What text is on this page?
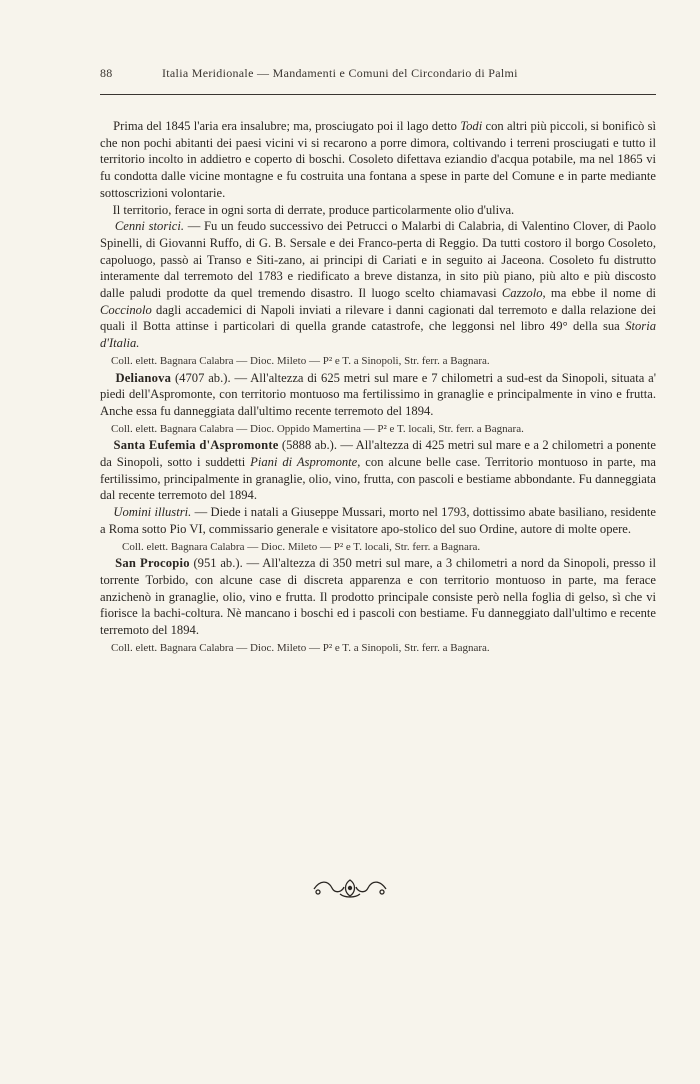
88	Italia Meridionale — Mandamenti e Comuni del Circondario di Palmi

Prima del 1845 l'aria era insalubre; ma, prosciugato poi il lago detto Todi con altri più piccoli, si bonificò sì che non pochi abitanti dei paesi vicini vi si recarono a porre dimora, coltivando i terreni prosciugati e tutto il territorio incolto in addietro e coperto di boschi. Cosoleto difettava eziandio d'acqua potabile, ma nel 1865 vi fu condotta dalle vicine montagne e fu costruita una fontana a spese in parte del Comune e in parte mediante sottoscrizioni volontarie.

Il territorio, ferace in ogni sorta di derrate, produce particolarmente olio d'uliva.

Cenni storici. — Fu un feudo successivo dei Petrucci o Malarbi di Calabria, di Valentino Clover, di Paolo Spinelli, di Giovanni Ruffo, di G. B. Sersale e dei Franco-perta di Reggio. Da tutti costoro il borgo Cosoleto, capoluogo, passò ai Transo e Siti-zano, ai principi di Cariati e in seguito ai Jaceona. Cosoleto fu distrutto interamente dal terremoto del 1783 e riedificato a breve distanza, in sito più piano, più alto e più discosto dalle paludi prodotte da quel tremendo disastro. Il luogo scelto chiamavasi Cazzolo, ma ebbe il nome di Coccinolo dagli accademici di Napoli inviati a rilevare i danni cagionati dal terremoto e dalla relazione dei quali il Botta attinse i particolari di quella grande catastrofe, che leggonsi nel libro 49° della sua Storia d'Italia.

Coll. elett. Bagnara Calabra — Dioc. Mileto — P² e T. a Sinopoli, Str. ferr. a Bagnara.

Delianova (4707 ab.). — All'altezza di 625 metri sul mare e 7 chilometri a sud-est da Sinopoli, situata a' piedi dell'Aspromonte, con territorio montuoso ma fertilissimo in granaglie e principalmente in vino e frutta. Anche essa fu danneggiata dall'ultimo recente terremoto del 1894.

Coll. elett. Bagnara Calabra — Dioc. Oppido Mamertina — P² e T. locali, Str. ferr. a Bagnara.

Santa Eufemia d'Aspromonte (5888 ab.). — All'altezza di 425 metri sul mare e a 2 chilometri a ponente da Sinopoli, sotto i suddetti Piani di Aspromonte, con alcune belle case. Territorio montuoso in parte, ma fertilissimo, principalmente in granaglie, olio, vino, frutta, con pascoli e bestiame abbondante. Fu danneggiata dal recente terremoto del 1894.

Uomini illustri. — Diede i natali a Giuseppe Mussari, morto nel 1793, dottissimo abate basiliano, residente a Roma sotto Pio VI, commissario generale e visitatore apo-stolico del suo Ordine, autore di molte opere.

Coll. elett. Bagnara Calabra — Dioc. Mileto — P² e T. locali, Str. ferr. a Bagnara.

San Procopio (951 ab.). — All'altezza di 350 metri sul mare, a 3 chilometri a nord da Sinopoli, presso il torrente Torbido, con alcune case di discreta apparenza e con territorio montuoso in parte, ma ferace anzichenò in granaglie, olio, vino e frutta. Il prodotto principale consiste però nella foglia di gelso, sì che vi fiorisce la bachi-coltura. Nè mancano i boschi ed i pascoli con bestiame. Fu danneggiato dall'ultimo e recente terremoto del 1894.

Coll. elett. Bagnara Calabra — Dioc. Mileto — P² e T. a Sinopoli, Str. ferr. a Bagnara.
